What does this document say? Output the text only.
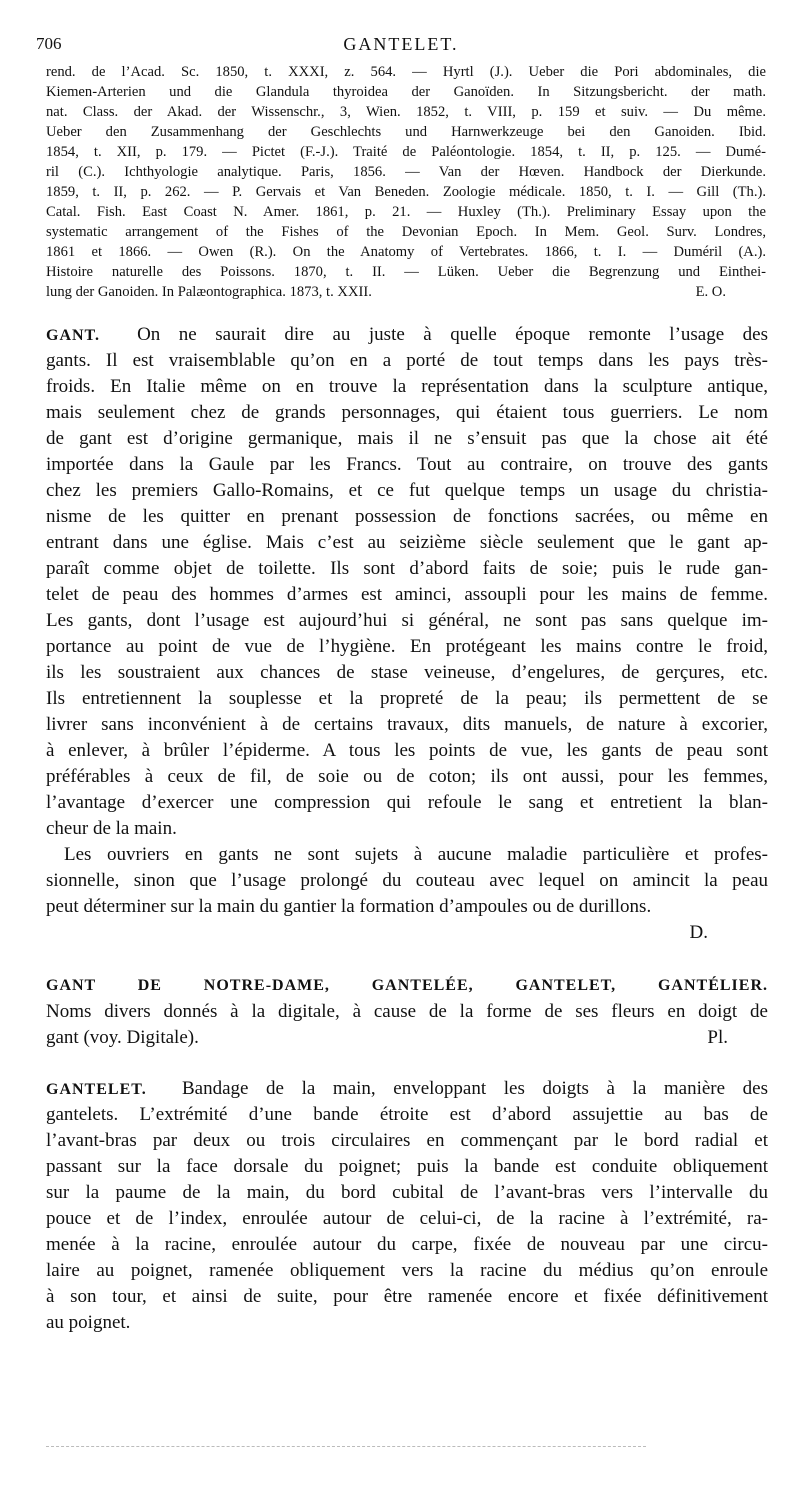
706	GANTELET.
rend. de l’Acad. Sc. 1850, t. XXXI, z. 564. — Hyrtl (J.). Ueber die Pori abdominales, die
Kiemen-Arterien und die Glandula thyroidea der Ganoïden. In Sitzungsbericht. der math.
nat. Class. der Akad. der Wissenschr., 3, Wien. 1852, t. VIII, p. 159 et suiv. — Du même.
Ueber den Zusammenhang der Geschlechts und Harnwerkzeuge bei den Ganoiden. Ibid.
1854, t. XII, p. 179. — Pictet (F.-J.). Traité de Paléontologie. 1854, t. II, p. 125. — Dumé-
ril (C.). Ichthyologie analytique. Paris, 1856. — Van der Hœven. Handbock der Dierkunde.
1859, t. II, p. 262. — P. Gervais et Van Beneden. Zoologie médicale. 1850, t. I. — Gill (Th.).
Catal. Fish. East Coast N. Amer. 1861, p. 21. — Huxley (Th.). Preliminary Essay upon the
systematic arrangement of the Fishes of the Devonian Epoch. In Mem. Geol. Surv. Londres,
1861 et 1866. — Owen (R.). On the Anatomy of Vertebrates. 1866, t. I. — Duméril (A.).
Histoire naturelle des Poissons. 1870, t. II. — Lüken. Ueber die Begrenzung und Einthei-
lung der Ganoiden. In Palæontographica. 1873, t. XXII.	E. O.
GANT. On ne saurait dire au juste à quelle époque remonte l’usage des
gants. Il est vraisemblable qu’on en a porté de tout temps dans les pays très-
froids. En Italie même on en trouve la représentation dans la sculpture antique,
mais seulement chez de grands personnages, qui étaient tous guerriers. Le nom
de gant est d’origine germanique, mais il ne s’ensuit pas que la chose ait été
importée dans la Gaule par les Francs. Tout au contraire, on trouve des gants
chez les premiers Gallo-Romains, et ce fut quelque temps un usage du christia-
nisme de les quitter en prenant possession de fonctions sacrées, ou même en
entrant dans une église. Mais c’est au seizième siècle seulement que le gant ap-
paraît comme objet de toilette. Ils sont d’abord faits de soie; puis le rude gan-
telet de peau des hommes d’armes est aminci, assoupli pour les mains de femme.
Les gants, dont l’usage est aujourd’hui si général, ne sont pas sans quelque im-
portance au point de vue de l’hygiène. En protégeant les mains contre le froid,
ils les soustraient aux chances de stase veineuse, d’engelures, de gerçures, etc.
Ils entretiennent la souplesse et la propreté de la peau; ils permettent de se
livrer sans inconvénient à de certains travaux, dits manuels, de nature à excorier,
à enlever, à brûler l’épiderme. A tous les points de vue, les gants de peau sont
préférables à ceux de fil, de soie ou de coton; ils ont aussi, pour les femmes,
l’avantage d’exercer une compression qui refoule le sang et entretient la blan-
cheur de la main.
Les ouvriers en gants ne sont sujets à aucune maladie particulière et profes-
sionnelle, sinon que l’usage prolongé du couteau avec lequel on amincit la peau
peut déterminer sur la main du gantier la formation d’ampoules ou de durillons.
D.
GANT DE NOTRE-DAME, GANTELÉE, GANTELET, GANTÉLIER.
Noms divers donnés à la digitale, à cause de la forme de ses fleurs en doigt de
gant (voy. Digitale).	Pl.
GANTELET. Bandage de la main, enveloppant les doigts à la manière des
gantelets. L’extrémité d’une bande étroite est d’abord assujettie au bas de
l’avant-bras par deux ou trois circulaires en commençant par le bord radial et
passant sur la face dorsale du poignet; puis la bande est conduite obliquement
sur la paume de la main, du bord cubital de l’avant-bras vers l’intervalle du
pouce et de l’index, enroulée autour de celui-ci, de la racine à l’extrémité, ra-
menée à la racine, enroulée autour du carpe, fixée de nouveau par une circu-
laire au poignet, ramenée obliquement vers la racine du médius qu’on enroule
à son tour, et ainsi de suite, pour être ramenée encore et fixée définitivement
au poignet.
